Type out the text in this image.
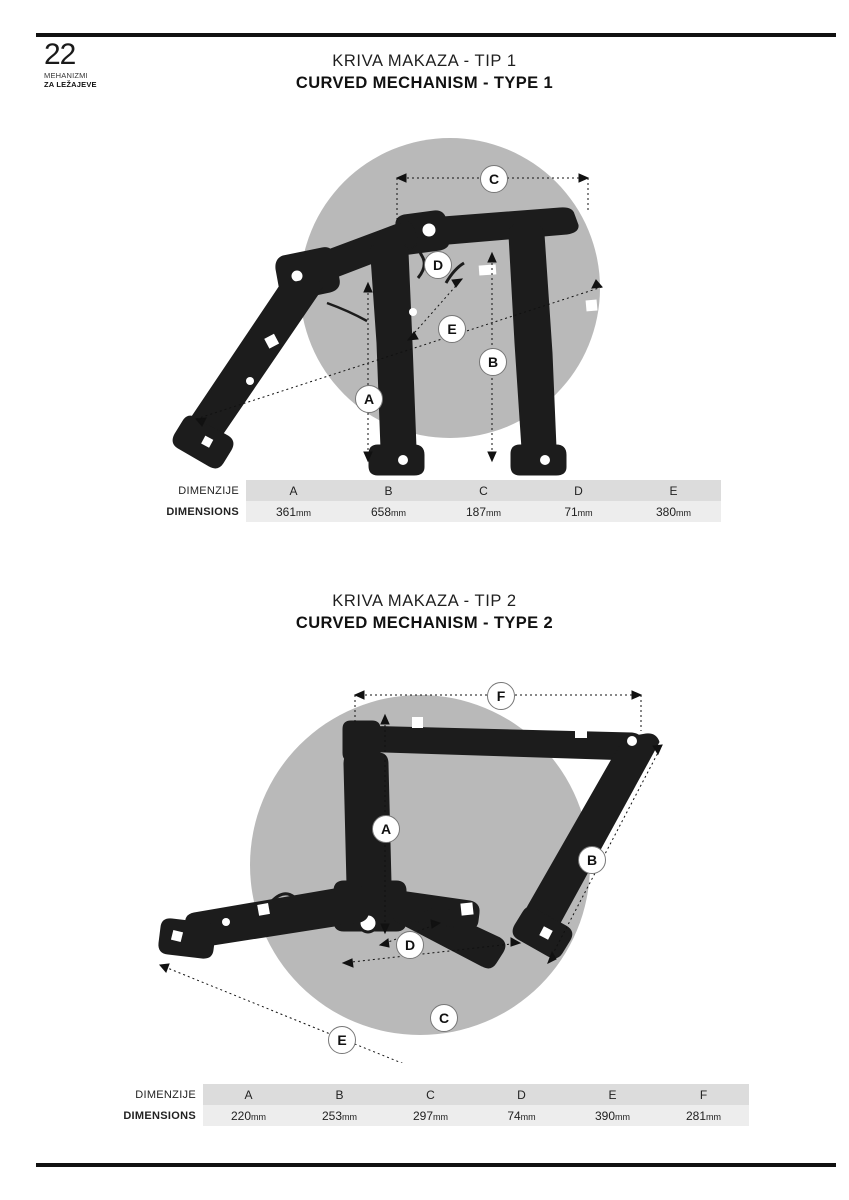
22
MEHANIZMI
ZA LEŽAJEVE
KRIVA MAKAZA - TIP 1
CURVED MECHANISM - TYPE 1
A
B
C
D
E
DIMENZIJE	A	B	C	D	E
DIMENSIONS	361mm	658mm	187mm	71mm	380mm
KRIVA MAKAZA - TIP 2
CURVED MECHANISM - TYPE 2
A
B
C
D
E
F
DIMENZIJE	A	B	C	D	E	F
DIMENSIONS	220mm	253mm	297mm	74mm	390mm	281mm
